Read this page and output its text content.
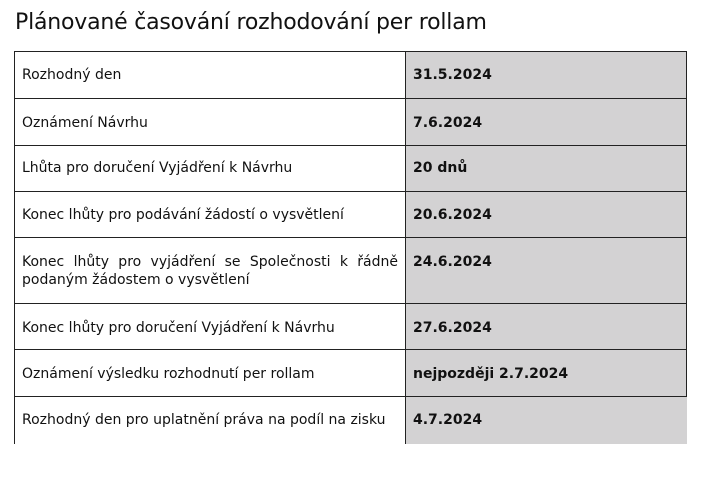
Plánované časování rozhodování per rollam
Rozhodný den	31.5.2024
Oznámení Návrhu	7.6.2024
Lhůta pro doručení Vyjádření k Návrhu	20 dnů
Konec lhůty pro podávání žádostí o vysvětlení	20.6.2024
Konec lhůty pro vyjádření se Společnosti k řádně podaným žádostem o vysvětlení	24.6.2024
Konec lhůty pro doručení Vyjádření k Návrhu	27.6.2024
Oznámení výsledku rozhodnutí per rollam	nejpozději 2.7.2024
Rozhodný den pro uplatnění práva na podíl na zisku	4.7.2024
